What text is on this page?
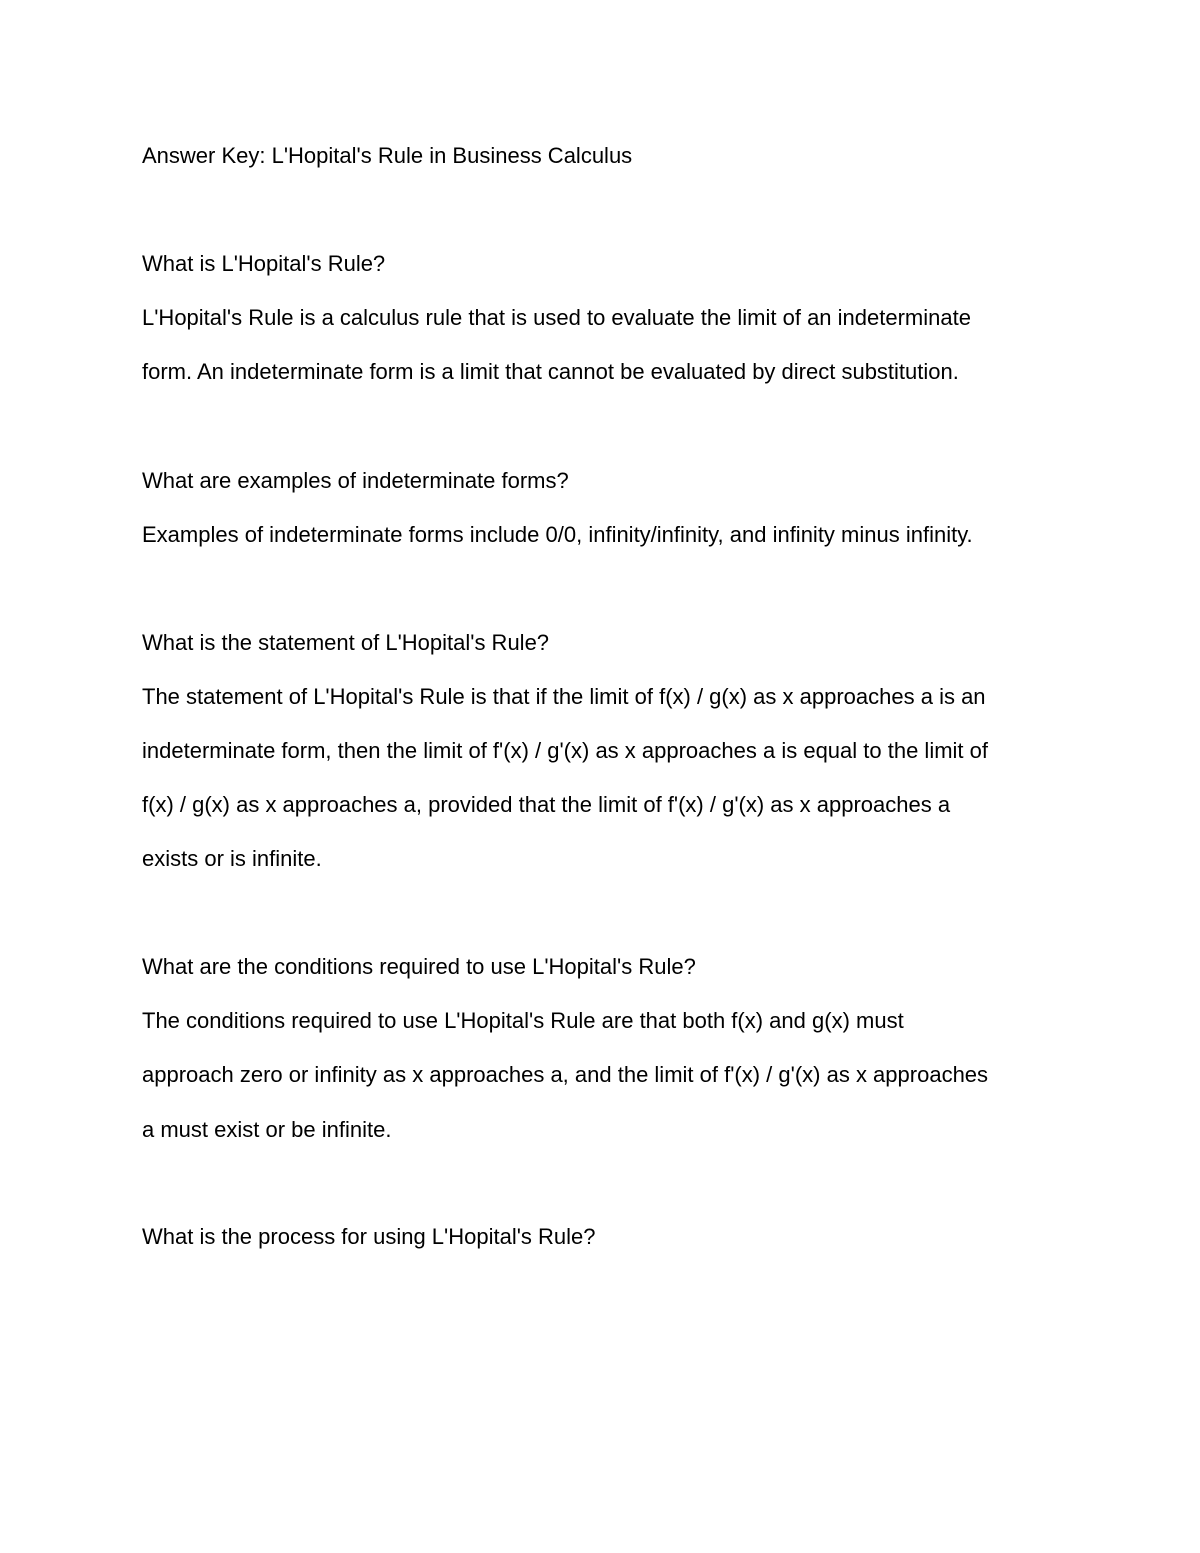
Answer Key: L'Hopital's Rule in Business Calculus
What is L'Hopital's Rule?
L'Hopital's Rule is a calculus rule that is used to evaluate the limit of an indeterminate
form. An indeterminate form is a limit that cannot be evaluated by direct substitution.
What are examples of indeterminate forms?
Examples of indeterminate forms include 0/0, infinity/infinity, and infinity minus infinity.
What is the statement of L'Hopital's Rule?
The statement of L'Hopital's Rule is that if the limit of f(x) / g(x) as x approaches a is an
indeterminate form, then the limit of f'(x) / g'(x) as x approaches a is equal to the limit of
f(x) / g(x) as x approaches a, provided that the limit of f'(x) / g'(x) as x approaches a
exists or is infinite.
What are the conditions required to use L'Hopital's Rule?
The conditions required to use L'Hopital's Rule are that both f(x) and g(x) must
approach zero or infinity as x approaches a, and the limit of f'(x) / g'(x) as x approaches
a must exist or be infinite.
What is the process for using L'Hopital's Rule?
